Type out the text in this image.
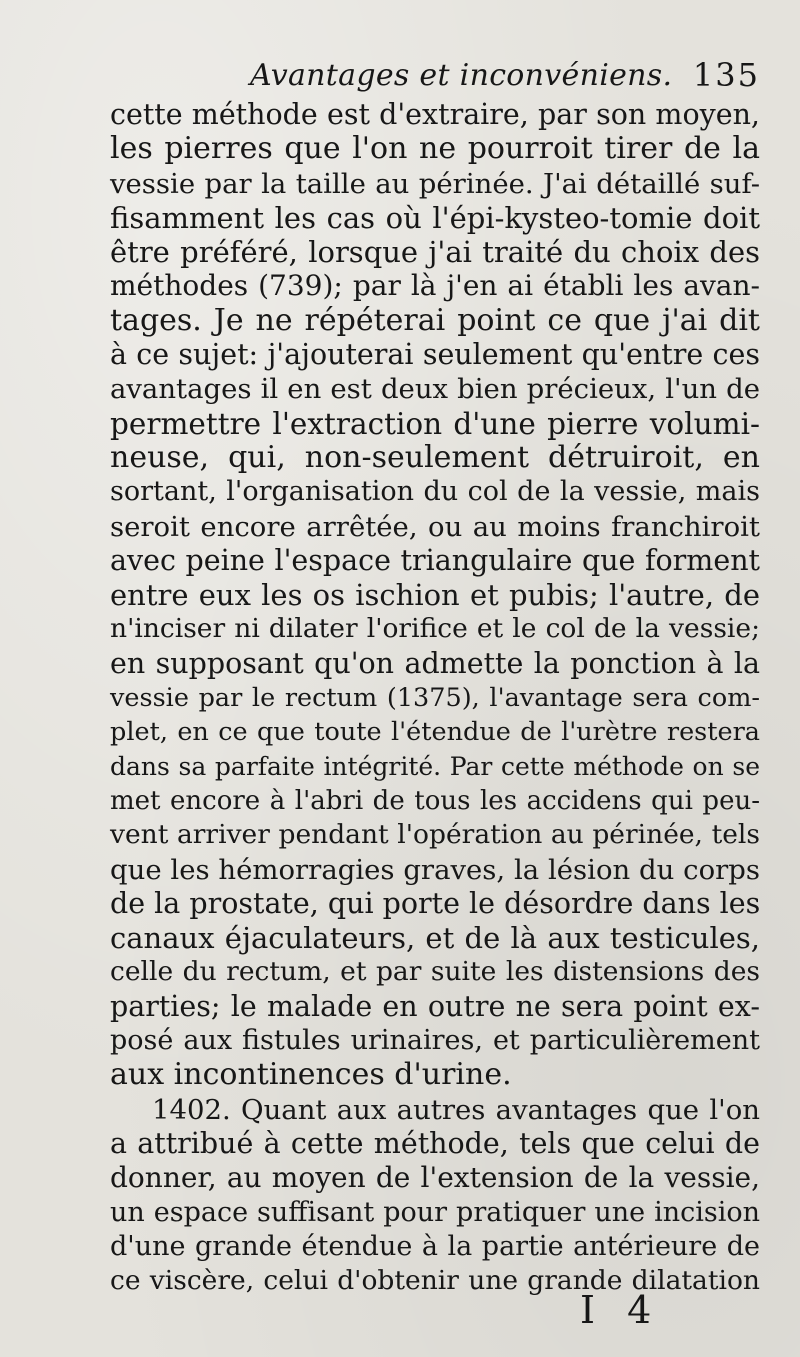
Avantages et inconvéniens. 135
cette méthode est d'extraire, par son moyen,
les pierres que l'on ne pourroit tirer de la
vessie par la taille au périnée. J'ai détaillé suf-
fisamment les cas où l'épi-kysteo-tomie doit
être préféré, lorsque j'ai traité du choix des
méthodes (739); par là j'en ai établi les avan-
tages. Je ne répéterai point ce que j'ai dit
à ce sujet: j'ajouterai seulement qu'entre ces
avantages il en est deux bien précieux, l'un de
permettre l'extraction d'une pierre volumi-
neuse, qui, non-seulement détruiroit, en
sortant, l'organisation du col de la vessie, mais
seroit encore arrêtée, ou au moins franchiroit
avec peine l'espace triangulaire que forment
entre eux les os ischion et pubis; l'autre, de
n'inciser ni dilater l'orifice et le col de la vessie;
en supposant qu'on admette la ponction à la
vessie par le rectum (1375), l'avantage sera com-
plet, en ce que toute l'étendue de l'urètre restera
dans sa parfaite intégrité. Par cette méthode on se
met encore à l'abri de tous les accidens qui peu-
vent arriver pendant l'opération au périnée, tels
que les hémorragies graves, la lésion du corps
de la prostate, qui porte le désordre dans les
canaux éjaculateurs, et de là aux testicules,
celle du rectum, et par suite les distensions des
parties; le malade en outre ne sera point ex-
posé aux fistules urinaires, et particulièrement
aux incontinences d'urine.
1402. Quant aux autres avantages que l'on
a attribué à cette méthode, tels que celui de
donner, au moyen de l'extension de la vessie,
un espace suffisant pour pratiquer une incision
d'une grande étendue à la partie antérieure de
ce viscère, celui d'obtenir une grande dilatation
I 4
